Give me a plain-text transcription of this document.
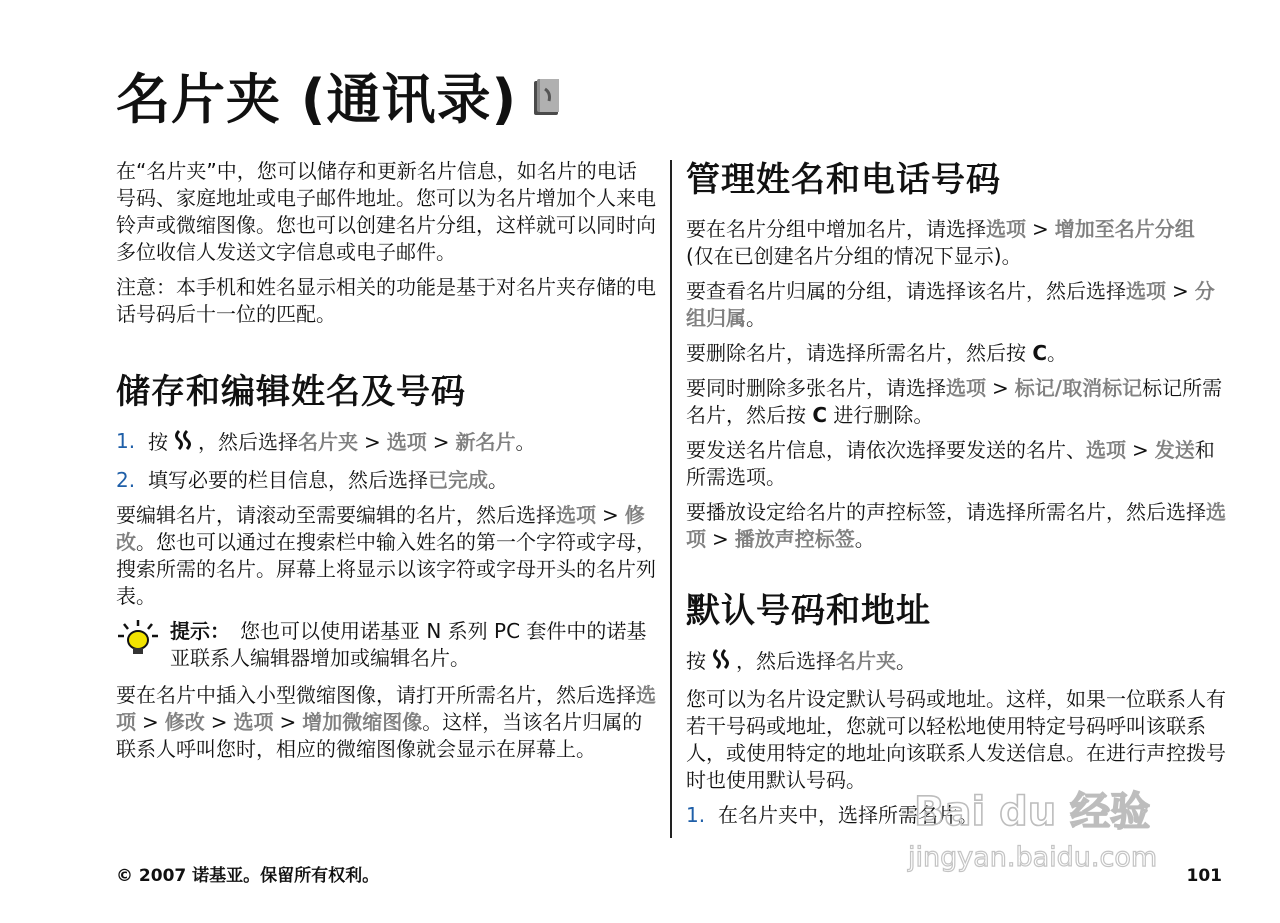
名片夹 (通讯录)

在“名片夹”中，您可以储存和更新名片信息，如名片的电话号码、家庭地址或电子邮件地址。您可以为名片增加个人来电铃声或微缩图像。您也可以创建名片分组，这样就可以同时向多位收信人发送文字信息或电子邮件。

注意：本手机和姓名显示相关的功能是基于对名片夹存储的电话号码后十一位的匹配。

储存和编辑姓名及号码
1. 按 ，然后选择名片夹 > 选项 > 新名片。
2. 填写必要的栏目信息，然后选择已完成。

要编辑名片，请滚动至需要编辑的名片，然后选择选项 > 修改。您也可以通过在搜索栏中输入姓名的第一个字符或字母，搜索所需的名片。屏幕上将显示以该字符或字母开头的名片列表。

提示： 您也可以使用诺基亚 N 系列 PC 套件中的诺基亚联系人编辑器增加或编辑名片。

要在名片中插入小型微缩图像，请打开所需名片，然后选择选项 > 修改 > 选项 > 增加微缩图像。这样，当该名片归属的联系人呼叫您时，相应的微缩图像就会显示在屏幕上。

管理姓名和电话号码

要在名片分组中增加名片，请选择选项 > 增加至名片分组 (仅在已创建名片分组的情况下显示)。

要查看名片归属的分组，请选择该名片，然后选择选项 > 分组归属。

要删除名片，请选择所需名片，然后按 C。

要同时删除多张名片，请选择选项 > 标记/取消标记标记所需名片，然后按 C 进行删除。

要发送名片信息，请依次选择要发送的名片、选项 > 发送和所需选项。

要播放设定给名片的声控标签，请选择所需名片，然后选择选项 > 播放声控标签。

默认号码和地址

按 ，然后选择名片夹。

您可以为名片设定默认号码或地址。这样，如果一位联系人有若干号码或地址，您就可以轻松地使用特定号码呼叫该联系人，或使用特定的地址向该联系人发送信息。在进行声控拨号时也使用默认号码。

1. 在名片夹中，选择所需名片。
Bai du 经验
jingyan.baidu.com
© 2007 诺基亚。保留所有权利。	101
